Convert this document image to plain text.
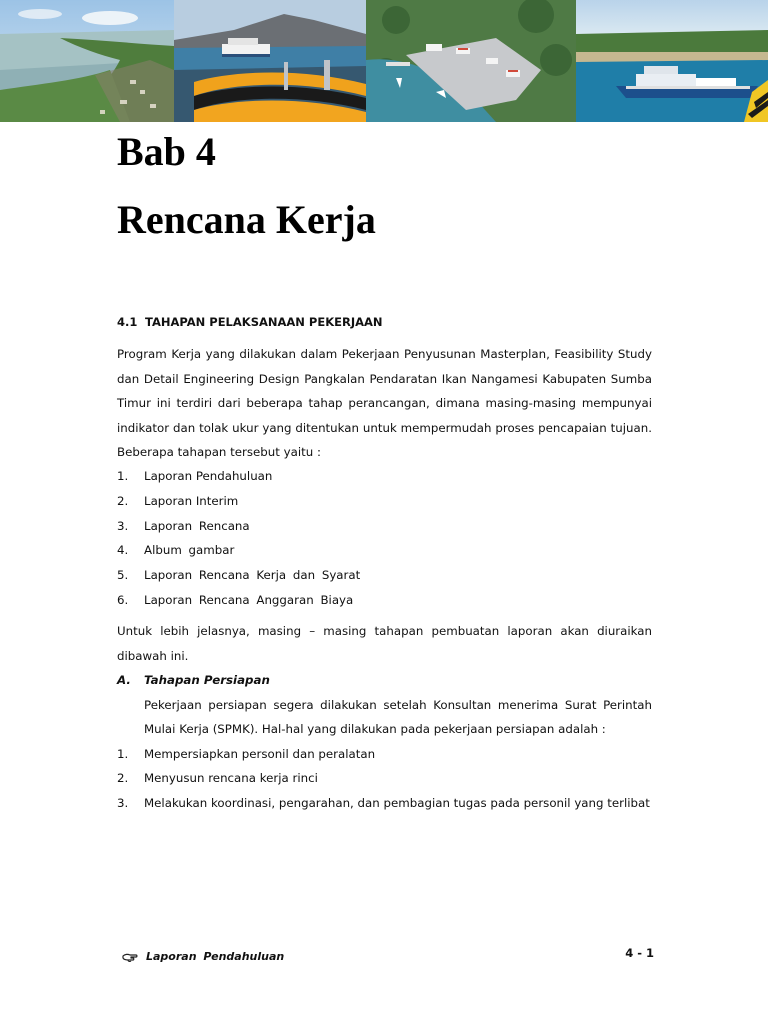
Bab 4
Rencana Kerja
4.1 TAHAPAN PELAKSANAAN PEKERJAAN

Program Kerja yang dilakukan dalam Pekerjaan Penyusunan Masterplan, Feasibility Study dan Detail Engineering Design Pangkalan Pendaratan Ikan Nangamesi Kabupaten Sumba Timur ini terdiri dari beberapa tahap perancangan, dimana masing-masing mempunyai indikator dan tolak ukur yang ditentukan untuk mempermudah proses pencapaian tujuan. Beberapa tahapan tersebut yaitu :

1. Laporan Pendahuluan
2. Laporan Interim
3. Laporan Rencana
4. Album gambar
5. Laporan Rencana Kerja dan Syarat
6. Laporan Rencana Anggaran Biaya

Untuk lebih jelasnya, masing – masing tahapan pembuatan laporan akan diuraikan dibawah ini.

A. Tahapan Persiapan

Pekerjaan persiapan segera dilakukan setelah Konsultan menerima Surat Perintah Mulai Kerja (SPMK). Hal-hal yang dilakukan pada pekerjaan persiapan adalah :

1. Mempersiapkan personil dan peralatan
2. Menyusun rencana kerja rinci
3. Melakukan koordinasi, pengarahan, dan pembagian tugas pada personil yang terlibat
Laporan Pendahuluan	4 - 1
